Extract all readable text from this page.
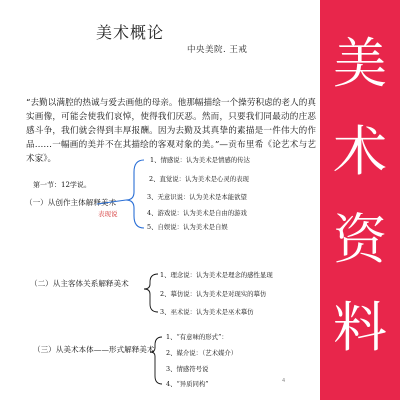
美术概论
中央美院. 王戒
“去勤以满腔的热诚与爱去画他的母亲。他那幅描绘一个操劳积虑的老人的真实画像，可能会使我们哀悼，使得我们厌恶。然而，只要我们同最动的庄恶感斗争，我们就会得到丰厚报酬。因为去勤及其真挚的素描是一件伟大的作品……一幅画的美并不在其描绘的客观对象的美。”—贡布里希《论艺术与艺术家》。
第一节：12学说。
（一）从创作主体解释美术
表现说
1、情感说：认为美术是情感的传达
2、直觉说：认为美术是心灵的表现
3、无意识说：认为美术是本能欲望
4、游戏说：认为美术是自由的游戏
5、自娱说：认为美术是自娱
（二）从主客体关系解释美术
1、理念说：认为美术是理念的感性显现
2、摹仿说：认为美术是对现实的摹仿
3、巫术说：认为美术是巫术摹仿
（三）从美术本体——形式解释美术
1、“有意味的形式”：
2、媒介说：（艺术媒介）
3、情感符号说
4、“异质同构”	4
美
术
资
料
